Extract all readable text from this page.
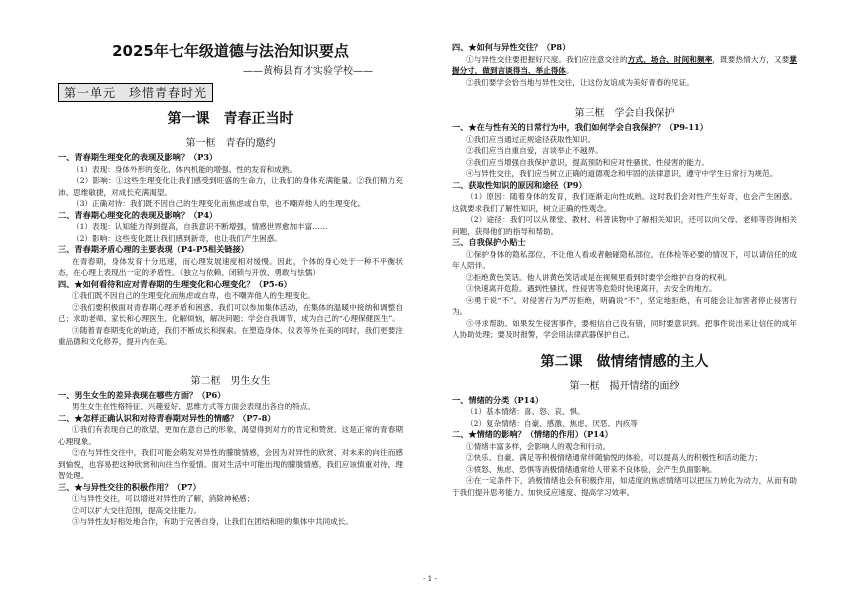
2025年七年级道德与法治知识要点
——黄梅县育才实验学校——
第一单元　珍惜青春时光
第一课　青春正当时
第一框　青春的邀约
一、青春期生理变化的表现及影响？（P3）
（1）表现：身体外形的变化、体内机能的增强、性的发育和成熟。
（2）影响：①这些生理变化让我们感受到旺盛的生命力，让我们的身体充满能量。②我们精力充沛、思维敏捷，对成长充满渴望。
（3）正确对待：我们既不因自己的生理变化而焦虑或自卑，也不嘲弄他人的生理变化。
二、青春期心理变化的表现及影响？（P4）
（1）表现：认知能力得到提高，自我意识不断增强，情感世界愈加丰富……
（2）影响：这些变化既让我们感到新奇，也让我们产生困惑。
三、青春期矛盾心理的主要表现（P4-P5相关链接）
在青春期，身体发育十分迅速，而心理发展速度相对缓慢。因此，个体的身心处于一种不平衡状态，在心理上表现出一定的矛盾性。（独立与依赖、闭锁与开放、勇敢与怯懦）
四、★如何看待和应对青春期的生理变化和心理变化？（P5-6）
①我们既不因自己的生理变化而焦虑或自卑，也不嘲弄他人的生理变化。
②我们要积极面对青春期心理矛盾和困惑。我们可以参加集体活动，在集体的温暖中接纳和调整自己；求助老师、家长和心理医生、化解烦恼，解决问题；学会自我调节，成为自己的“心理保健医生”。
③随着青春期变化的轨迹，我们不断成长和探索。在塑造身体、仪表等外在美的同时，我们更要注重品德和文化修养，提升内在美。
第二框　男生女生
一、男生女生的差异表现在哪些方面？（P6）
男生女生在性格特征、兴趣爱好、思维方式等方面会表现出各自的特点。
二、★怎样正确认识和对待青春期对异性的情感？（P7-8）
①我们有表现自己的欲望，更加在意自己的形象，渴望得到对方的肯定和赞赏。这是正常的青春期心理现象。
②在与异性交往中，我们可能会萌发对异性的朦胧情感，会因为对异性的欣赏、对未来的向往而感到愉悦，也容易把这种欣赏和向往当作爱情。面对生活中可能出现的朦胧情感，我们应该慎重对待，理智处理。
三、★与异性交往的积极作用？（P7）
①与异性交往，可以增进对异性的了解，消除神秘感；
②可以扩大交往范围，提高交往能力。
③与异性友好相处地合作，有助于完善自身，让我们在团结和睦的集体中共同成长。
四、★如何与异性交往？（P8）
①与异性交往要把握好尺度。我们应注意交往的方式、场合、时间和频率，既要热情大方，又要掌握分寸，做到言谈得当、举止得体。
②我们要学会恰当地与异性交往，让这份友谊成为美好青春的见证。
第三框　学会自我保护
一、★在与性有关的日常行为中，我们如何学会自我保护？（P9-11）
①我们应当通过正规途径获取性知识。
②我们应当自重自爱，言谈举止不越界。
③我们应当增强自我保护意识，提高预防和应对性骚扰、性侵害的能力。
④与异性交往，我们应当树立正确的道德观念和牢固的法律意识，遵守中学生日常行为规范。
二、获取性知识的原因和途径（P9）
（1）原因：随着身体的发育，我们逐渐走向性成熟。这时我们会对性产生好奇，也会产生困惑。这就要求我们了解性知识，树立正确的性观念。
（2）途径：我们可以从课堂、教材、科普读物中了解相关知识，还可以向父母、老师等咨询相关问题，获得他们的指导和帮助。
三、自我保护小贴士
①保护身体的隐私部位，不让他人看或者触碰隐私部位，在体检等必要的情况下，可以请信任的成年人陪伴。
②拒绝黄色笑话。他人讲黄色笑话或是在视频里看到时要学会维护自身的权利。
③快速离开危险。遇到性骚扰、性侵害等危险时快速离开，去安全的地方。
④勇于说“不”。对侵害行为严厉拒绝，明确说“不”，坚定地拒绝，有可能会让加害者停止侵害行为。
⑤寻求帮助。如果发生侵害事件，要相信自己没有错，同时要意识到。把事件说出来让信任的成年人协助处理；要及时报警，学会用法律武器保护自己。
第二课　做情绪情感的主人
第一框　揭开情绪的面纱
一、情绪的分类（P14）
（1）基本情绪：喜、怒、哀、惧。
（2）复杂情绪：自豪、感激、焦虑、厌恶、内疚等
二、★情绪的影响？（情绪的作用）（P14）
①情绪丰富多样，会影响人的观念和行动。
②快乐、自豪、满足等积极情绪通常伴随愉悦的体验，可以提高人的积极性和活动能力；
③愤怒、焦虑、恐惧等消极情绪通常给人带来不良体验，会产生负面影响。
④在一定条件下，消极情绪也会有积极作用，如适度的焦虑情绪可以把压力转化为动力，从而有助于我们提升思考能力、加快反应速度、提高学习效率。
- 1 -
